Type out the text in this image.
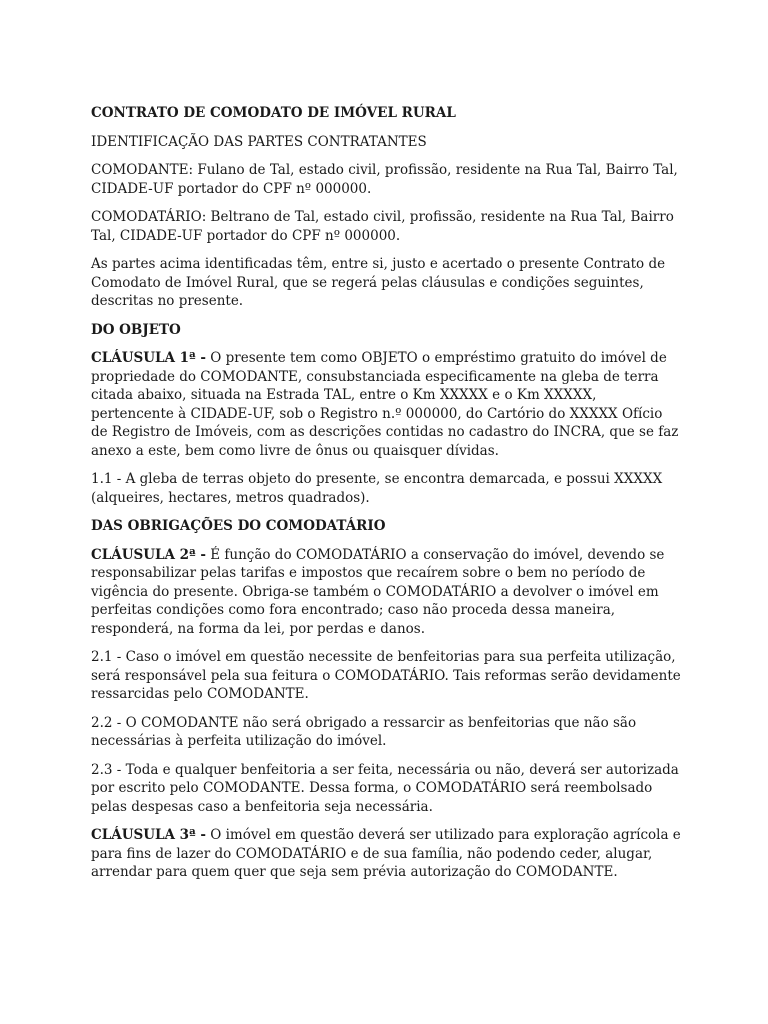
CONTRATO DE COMODATO DE IMÓVEL RURAL

IDENTIFICAÇÃO DAS PARTES CONTRATANTES

COMODANTE: Fulano de Tal, estado civil, profissão, residente na Rua Tal, Bairro Tal, CIDADE-UF portador do CPF nº 000000.

COMODATÁRIO: Beltrano de Tal, estado civil, profissão, residente na Rua Tal, Bairro Tal, CIDADE-UF portador do CPF nº 000000.

As partes acima identificadas têm, entre si, justo e acertado o presente Contrato de Comodato de Imóvel Rural, que se regerá pelas cláusulas e condições seguintes, descritas no presente.

DO OBJETO

CLÁUSULA 1ª - O presente tem como OBJETO o empréstimo gratuito do imóvel de propriedade do COMODANTE, consubstanciada especificamente na gleba de terra citada abaixo, situada na Estrada TAL, entre o Km XXXXX e o Km XXXXX, pertencente à CIDADE-UF, sob o Registro n.º 000000, do Cartório do XXXXX Ofício de Registro de Imóveis, com as descrições contidas no cadastro do INCRA, que se faz anexo a este, bem como livre de ônus ou quaisquer dívidas.

1.1 - A gleba de terras objeto do presente, se encontra demarcada, e possui XXXXX (alqueires, hectares, metros quadrados).

DAS OBRIGAÇÕES DO COMODATÁRIO

CLÁUSULA 2ª - É função do COMODATÁRIO a conservação do imóvel, devendo se responsabilizar pelas tarifas e impostos que recaírem sobre o bem no período de vigência do presente. Obriga-se também o COMODATÁRIO a devolver o imóvel em perfeitas condições como fora encontrado; caso não proceda dessa maneira, responderá, na forma da lei, por perdas e danos.

2.1 - Caso o imóvel em questão necessite de benfeitorias para sua perfeita utilização, será responsável pela sua feitura o COMODATÁRIO. Tais reformas serão devidamente ressarcidas pelo COMODANTE.

2.2 - O COMODANTE não será obrigado a ressarcir as benfeitorias que não são necessárias à perfeita utilização do imóvel.

2.3 - Toda e qualquer benfeitoria a ser feita, necessária ou não, deverá ser autorizada por escrito pelo COMODANTE. Dessa forma, o COMODATÁRIO será reembolsado pelas despesas caso a benfeitoria seja necessária.

CLÁUSULA 3ª - O imóvel em questão deverá ser utilizado para exploração agrícola e para fins de lazer do COMODATÁRIO e de sua família, não podendo ceder, alugar, arrendar para quem quer que seja sem prévia autorização do COMODANTE.
